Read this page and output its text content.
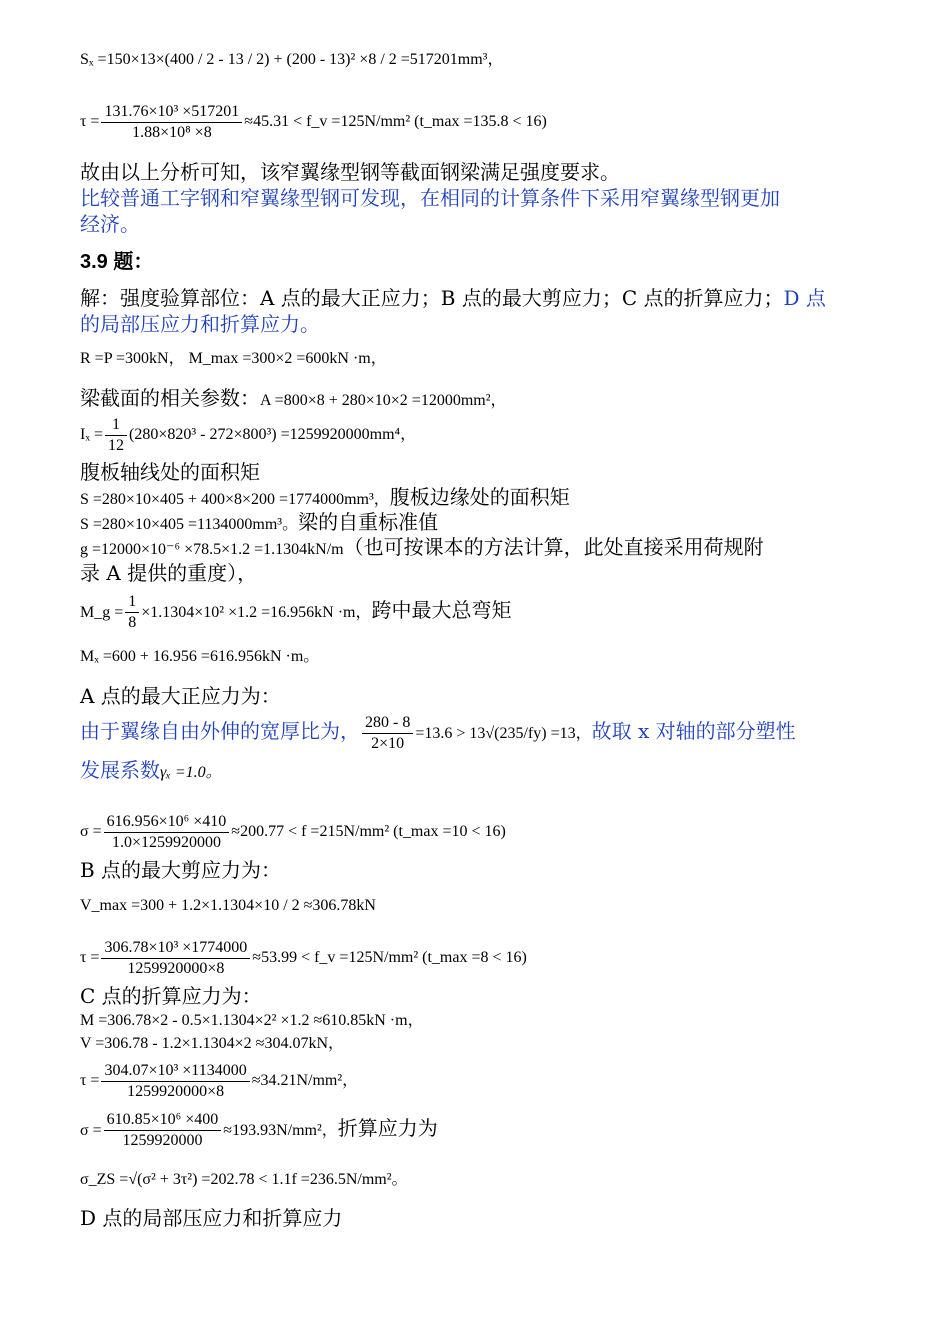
Sₓ =150×13×(400 / 2 - 13 / 2) + (200 - 13)² ×8 / 2 =517201mm³，
$\tau = \frac{\text{131.76×10³ ×517201}}{\text{1.88×10⁸ ×8}} \approx 45.31$ < f_v =125N/mm² (t_max =135.8 < 16)
故由以上分析可知，该窄翼缘型钢等截面钢梁满足强度要求。
比较普通工字钢和窄翼缘型钢可发现，在相同的计算条件下采用窄翼缘型钢更加
经济。
3.9 题：
解：强度验算部位：A 点的最大正应力；B 点的最大剪应力；C 点的折算应力；D 点
的局部压应力和折算应力。
R =P =300kN， M_max =300×2 =600kN ·m，
梁截面的相关参数：A =800×8 + 280×10×2 =12000mm²，
$I_x = \frac{1}{12} (280\times 820^3 - 272\times 800^3) =1259920000mm^4$，
腹板轴线处的面积矩
S =280×10×405 + 400×8×200 =1774000mm³，腹板边缘处的面积矩
S =280×10×405 =1134000mm³。梁的自重标准值
g =12000×10⁻⁶ ×78.5×1.2 =1.1304kN/m（也可按课本的方法计算，此处直接采用荷规附
录 A 提供的重度），
M_g = $\frac{1}{8} \times 1.1304\times 10^2 \times 1.2 =16.956kN \cdot m$，跨中最大总弯矩
Mₓ =600 + 16.956 =616.956kN ·m。
A 点的最大正应力为：
由于翼缘自由外伸的宽厚比为， $\frac{280 - 8}{2\times 10} =13.6 > 13√(235/fy) =13$，故取 x 对轴的部分塑性
发展系数γₓ =1.0。
$\sigma = \frac{\text{616.956×10⁶ ×410}}{1.0\times 1259920000} \approx 200.77 < f =215N/mm^2$ (t_max =10 < 16)
B 点的最大剪应力为：
V_max =300 + 1.2×1.1304×10 / 2 ≈306.78kN
$\tau = \frac{\text{306.78×10³ ×1774000}}{1259920000\times 8} \approx 53.99$ < f_v =125N/mm² (t_max =8 < 16)
C 点的折算应力为：
M =306.78×2 - 0.5×1.1304×2² ×1.2 ≈610.85kN ·m，
V =306.78 - 1.2×1.1304×2 ≈304.07kN，
$\tau = \frac{\text{304.07×10³ ×1134000}}{1259920000\times 8} \approx 34.21N/mm^2$，
$\sigma = \frac{\text{610.85×10⁶ ×400}}{1259920000} \approx 193.93N/mm^2$，折算应力为
σ_ZS =√(σ² + 3τ²) =202.78 < 1.1f =236.5N/mm²。
D 点的局部压应力和折算应力
